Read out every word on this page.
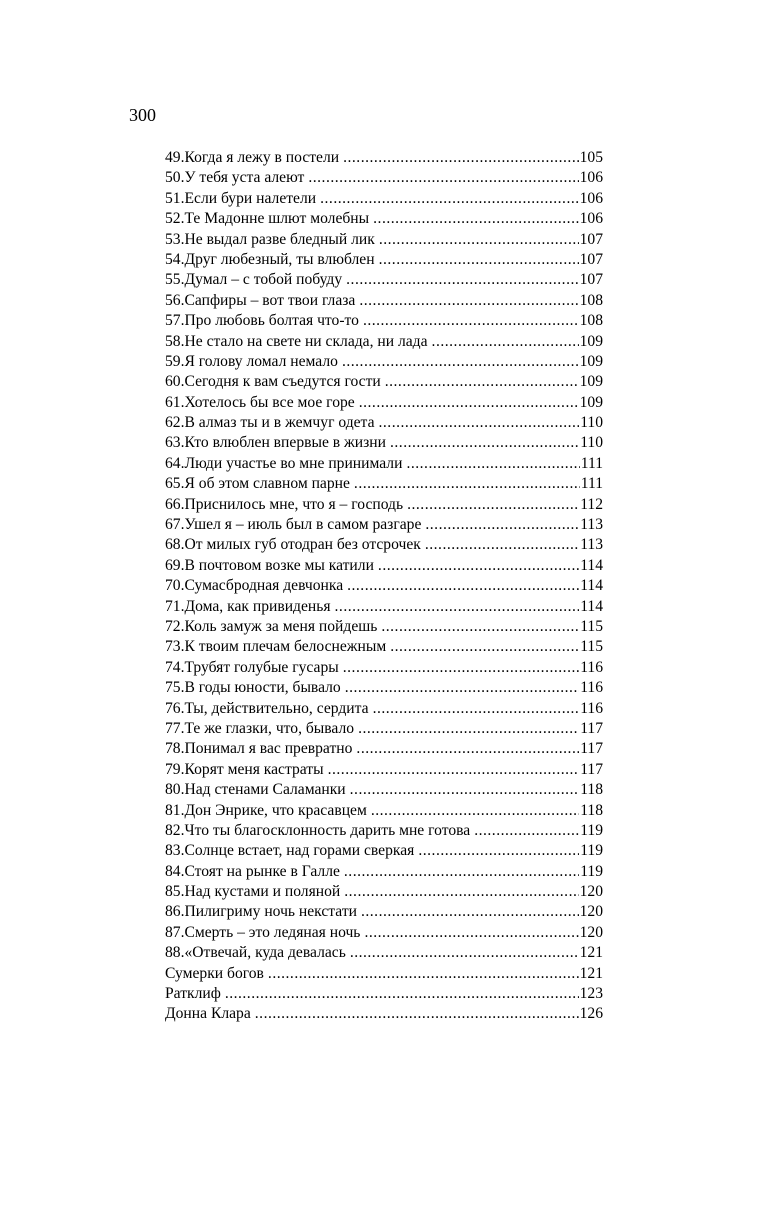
300
49.Когда я лежу в постели .....	105
50.У тебя уста алеют .....	106
51.Если бури налетели .....	106
52.Те Мадонне шлют молебны .....	106
53.Не выдал разве бледный лик .....	107
54.Друг любезный, ты влюблен .....	107
55.Думал – с тобой побуду .....	107
56.Сапфиры – вот твои глаза .....	108
57.Про любовь болтая что-то .....	108
58.Не стало на свете ни склада, ни лада .....	109
59.Я голову ломал немало .....	109
60.Сегодня к вам съедутся гости .....	109
61.Хотелось бы все мое горе .....	109
62.В алмаз ты и в жемчуг одета .....	110
63.Кто влюблен впервые в жизни .....	110
64.Люди участье во мне принимали .....	111
65.Я об этом славном парне .....	111
66.Приснилось мне, что я – господь .....	112
67.Ушел я – июль был в самом разгаре .....	113
68.От милых губ отодран без отсрочек .....	113
69.В почтовом возке мы катили .....	114
70.Сумасбродная девчонка .....	114
71.Дома, как привиденья .....	114
72.Коль замуж за меня пойдешь .....	115
73.К твоим плечам белоснежным .....	115
74.Трубят голубые гусары .....	116
75.В годы юности, бывало .....	116
76.Ты, действительно, сердита .....	116
77.Те же глазки, что, бывало .....	117
78.Понимал я вас превратно .....	117
79.Корят меня кастраты .....	117
80.Над стенами Саламанки .....	118
81.Дон Энрике, что красавцем .....	118
82.Что ты благосклонность дарить мне готова .....	119
83.Солнце встает, над горами сверкая .....	119
84.Стоят на рынке в Галле .....	119
85.Над кустами и поляной .....	120
86.Пилигриму ночь некстати .....	120
87.Смерть – это ледяная ночь .....	120
88.«Отвечай, куда девалась .....	121
Сумерки богов .....	121
Ратклиф .....	123
Донна Клара .....	126
